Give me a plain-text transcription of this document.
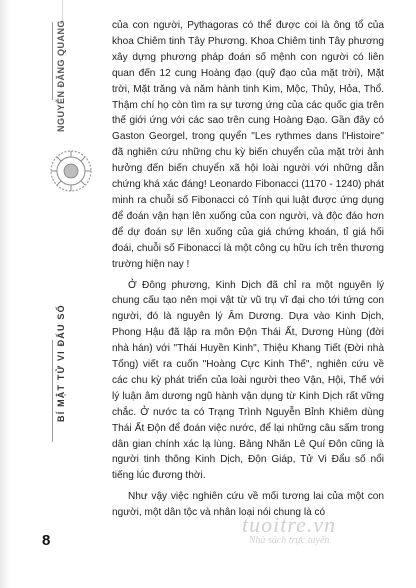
NGUYỄN ĐĂNG QUANG
BÍ MẬT TỬ VI ĐẨU SỐ

của con người, Pythagoras có thể được coi là ông tổ của khoa Chiêm tinh Tây Phương. Khoa Chiêm tinh Tây phương xây dựng phương pháp đoán số mệnh con người có liên quan đến 12 cung Hoàng đạo (quỹ đạo của mặt trời), Mặt trời, Mặt trăng và năm hành tinh Kim, Mộc, Thủy, Hỏa, Thổ. Thậm chí họ còn tìm ra sự tương ứng của các quốc gia trên thế giới ứng với các sao trên cung Hoàng Đạo. Gần đây có Gaston Georgel, trong quyển "Les rythmes dans l'Histoire" đã nghiên cứu những chu kỳ biến chuyển của mặt trời ảnh hưởng đến biến chuyển xã hội loài người với những dẫn chứng khá xác đáng! Leonardo Fibonacci (1170 - 1240) phát minh ra chuỗi số Fibonacci có Tính qui luật được ứng dụng để đoán vận hạn lên xuống của con người, và độc đáo hơn để dự đoán sự lên xuống của giá chứng khoán, tỉ giá hối đoái, chuỗi số Fibonacci là một công cụ hữu ích trên thương trường hiện nay !

Ở Đông phương, Kinh Dịch đã chỉ ra một nguyên lý chung cấu tạo nên mọi vật từ vũ trụ vĩ đại cho tới tứng con người, đó là nguyên lý Âm Dương. Dựa vào Kinh Dịch, Phong Hậu đã lập ra môn Độn Thái Ất, Dương Hùng (đời nhà hán) với "Thái Huyền Kinh", Thiệu Khang Tiết (Đời nhà Tống) viết ra cuốn "Hoàng Cực Kinh Thế", nghiên cứu về các chu kỳ phát triển của loài người theo Vận, Hội, Thế với lý luận âm dương ngũ hành vận dụng từ Kinh Dịch rất vững chắc. Ở nước ta có Trạng Trình Nguyễn Bỉnh Khiêm dùng Thái Ất Độn để đoán việc nước, để lại những câu sấm trong dân gian chính xác lạ lùng. Bảng Nhãn Lê Quí Đôn cũng là người tinh thông Kinh Dịch, Độn Giáp, Tử Vi Đẩu số nổi tiếng lúc đương thời.

Như vậy việc nghiên cứu về mối tương lai của một con người, một dân tộc và nhân loại nói chung là có

8
tuoitre.vn
Nhà sách trực tuyến
